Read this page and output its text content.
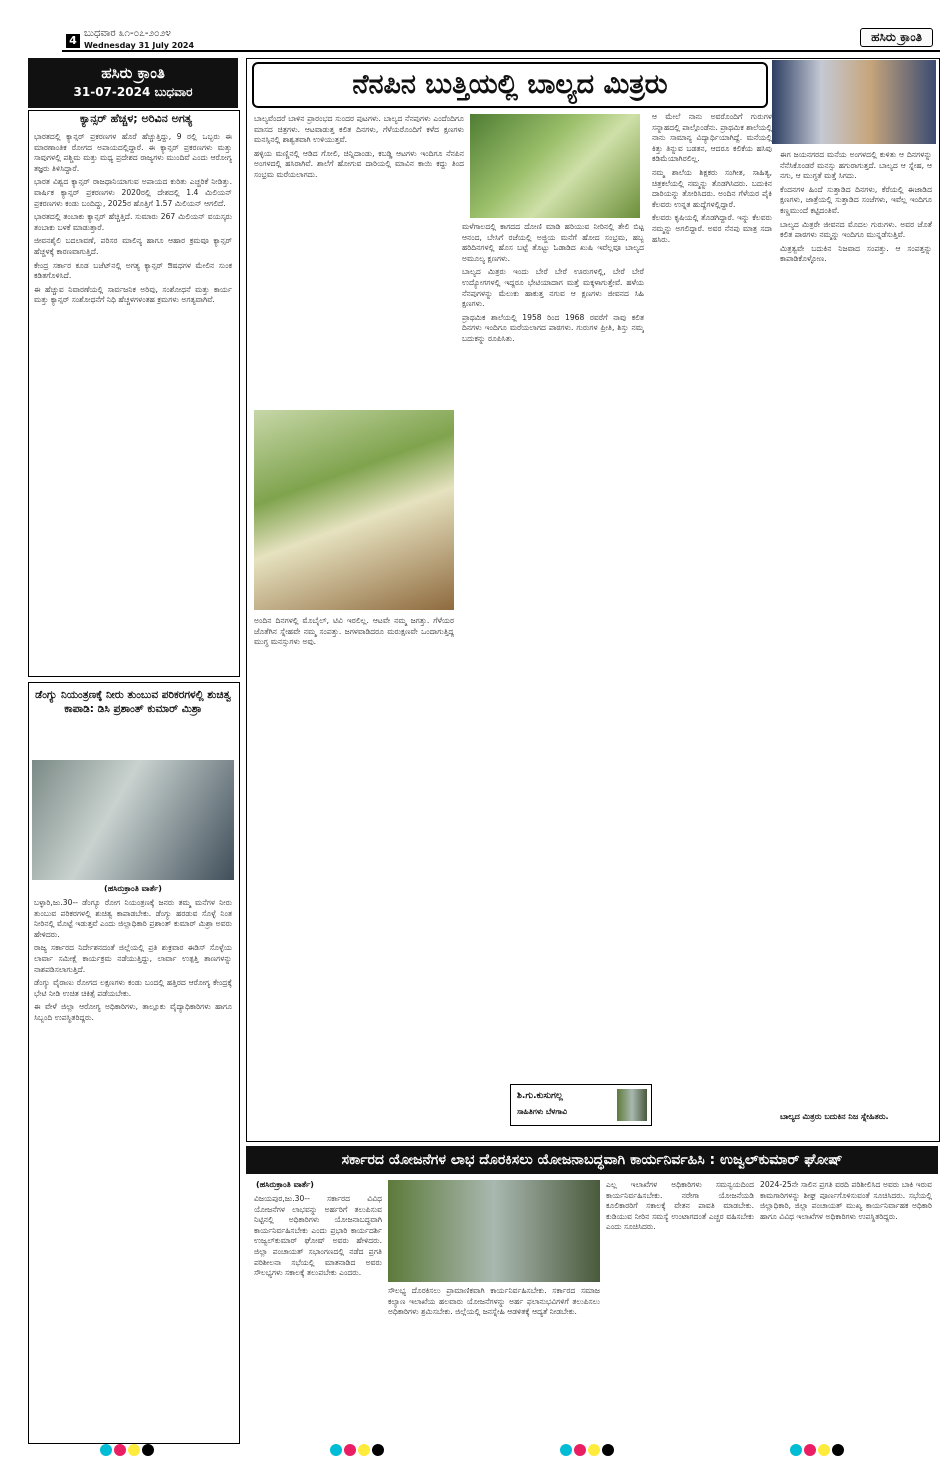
4
ಬುಧವಾರ ೩೧-೦೭-೨೦೨೪
Wednesday 31 July 2024
ಹಸಿರು ಕ್ರಾಂತಿ
ಹಸಿರು ಕ್ರಾಂತಿ
31-07-2024 ಬುಧವಾರ
ಕ್ಯಾನ್ಸರ್ ಹೆಚ್ಚಳ; ಅರಿವಿನ ಅಗತ್ಯ

ಭಾರತದಲ್ಲಿ ಕ್ಯಾನ್ಸರ್ ಪ್ರಕರಣಗಳ ಹೊರೆ ಹೆಚ್ಚುತ್ತಿದ್ದು, 9 ರಲ್ಲಿ ಒಬ್ಬರು ಈ ಮಾರಣಾಂತಿಕ ರೋಗದ ಅಪಾಯದಲ್ಲಿದ್ದಾರೆ. ಈ ಕ್ಯಾನ್ಸರ್ ಪ್ರಕರಣಗಳು ಮತ್ತು ಸಾವುಗಳಲ್ಲಿ ಪಶ್ಚಿಮ ಮತ್ತು ಮಧ್ಯ ಪ್ರದೇಶದ ರಾಜ್ಯಗಳು ಮುಂದಿವೆ ಎಂದು ಆರೋಗ್ಯ ತಜ್ಞರು ತಿಳಿಸಿದ್ದಾರೆ.

ಭಾರತ ವಿಶ್ವದ ಕ್ಯಾನ್ಸರ್ ರಾಜಧಾನಿಯಾಗುವ ಅಪಾಯದ ಕುರಿತು ಎಚ್ಚರಿಕೆ ನೀಡಿತ್ತು. ವಾರ್ಷಿಕ ಕ್ಯಾನ್ಸರ್ ಪ್ರಕರಣಗಳು 2020ರಲ್ಲಿ ದೇಶದಲ್ಲಿ 1.4 ಮಿಲಿಯನ್ ಪ್ರಕರಣಗಳು ಕಂಡು ಬಂದಿದ್ದು, 2025ರ ಹೊತ್ತಿಗೆ 1.57 ಮಿಲಿಯನ್ ಆಗಲಿದೆ.

ಭಾರತದಲ್ಲಿ ತಂಬಾಕು ಕ್ಯಾನ್ಸರ್ ಹೆಚ್ಚಿತ್ತಿದೆ. ಸುಮಾರು 267 ಮಿಲಿಯನ್ ವಯಸ್ಕರು ತಂಬಾಕು ಬಳಕೆ ಮಾಡುತ್ತಾರೆ.

ಜೀವನಶೈಲಿ ಬದಲಾವಣೆ, ಪರಿಸರ ಮಾಲಿನ್ಯ ಹಾಗೂ ಆಹಾರ ಕ್ರಮವೂ ಕ್ಯಾನ್ಸರ್ ಹೆಚ್ಚಳಕ್ಕೆ ಕಾರಣವಾಗುತ್ತಿದೆ.

ಕೇಂದ್ರ ಸರ್ಕಾರ ಕೂಡ ಬಜೆಟ್‌ನಲ್ಲಿ ಅಗತ್ಯ ಕ್ಯಾನ್ಸರ್ ಔಷಧಗಳ ಮೇಲಿನ ಸುಂಕ ಕಡಿತಗೊಳಿಸಿದೆ.

ಈ ಹೆಚ್ಚುವ ನಿವಾರಣೆಯಲ್ಲಿ ಸಾರ್ವಜನಿಕ ಅರಿವು, ಸಂಶೋಧನೆ ಮತ್ತು ಕಾರ್ಯ ಮತ್ತು ಕ್ಯಾನ್ಸರ್ ಸಂಶೋಧನೆಗೆ ನಿಧಿ ಹೆಚ್ಚಳಗಳಂತಹ ಕ್ರಮಗಳು ಅಗತ್ಯವಾಗಿವೆ.

ಡೆಂಗ್ಯು ನಿಯಂತ್ರಣಕ್ಕೆ ನೀರು ತುಂಬುವ ಪರಿಕರಗಳಲ್ಲಿ ಶುಚಿತ್ವ ಕಾಪಾಡಿ: ಡಿಸಿ ಪ್ರಶಾಂತ್ ಕುಮಾರ್ ಮಿಶ್ರಾ
(ಹಸಿರುಕ್ರಾಂತಿ ವಾರ್ತೆ)

ಬಳ್ಳಾರಿ,ಜು.30-- ಡೆಂಗ್ಯೂ ರೋಗ ನಿಯಂತ್ರಣಕ್ಕೆ ಜನರು ತಮ್ಮ ಮನೆಗಳ ನೀರು ತುಂಬುವ ಪರಿಕರಗಳಲ್ಲಿ ಶುಚಿತ್ವ ಕಾಪಾಡಬೇಕು. ಡೆಂಗ್ಯು ಹರಡುವ ಸೊಳ್ಳೆ ನಿಂತ ನೀರಿನಲ್ಲಿ ಮೊಟ್ಟೆ ಇಡುತ್ತವೆ ಎಂದು ಜಿಲ್ಲಾಧಿಕಾರಿ ಪ್ರಶಾಂತ್ ಕುಮಾರ್ ಮಿಶ್ರಾ ಅವರು ಹೇಳಿದರು.

ರಾಜ್ಯ ಸರ್ಕಾರದ ನಿರ್ದೇಶನದಂತೆ ಜಿಲ್ಲೆಯಲ್ಲಿ ಪ್ರತಿ ಶುಕ್ರವಾರ ಈಡಿಸ್ ಸೊಳ್ಳೆಯ ಲಾರ್ವಾ ಸಮೀಕ್ಷೆ ಕಾರ್ಯಕ್ರಮ ನಡೆಯುತ್ತಿದ್ದು, ಲಾರ್ವಾ ಉತ್ಪತ್ತಿ ತಾಣಗಳನ್ನು ನಾಶಪಡಿಸಲಾಗುತ್ತಿದೆ.

ಡೆಂಗ್ಯು ವೈರಾಣು ರೋಗದ ಲಕ್ಷಣಗಳು ಕಂಡು ಬಂದಲ್ಲಿ ಹತ್ತಿರದ ಆರೋಗ್ಯ ಕೇಂದ್ರಕ್ಕೆ ಭೇಟಿ ನೀಡಿ ಉಚಿತ ಚಿಕಿತ್ಸೆ ಪಡೆಯಬೇಕು.

ಈ ವೇಳೆ ಜಿಲ್ಲಾ ಆರೋಗ್ಯ ಅಧಿಕಾರಿಗಳು, ತಾಲ್ಲೂಕು ವೈದ್ಯಾಧಿಕಾರಿಗಳು ಹಾಗೂ ಸಿಬ್ಬಂದಿ ಉಪಸ್ಥಿತರಿದ್ದರು.

ನೆನಪಿನ ಬುತ್ತಿಯಲ್ಲಿ ಬಾಲ್ಯದ ಮಿತ್ರರು

ಬಾಲ್ಯವೆಂದರೆ ಬಾಳಿನ ಪ್ರಾರಂಭದ ಸುಂದರ ಪುಟಗಳು. ಬಾಲ್ಯದ ನೆನಪುಗಳು ಎಂದೆಂದಿಗೂ ಮಾಸದ ಚಿತ್ರಗಳು. ಆಟವಾಡುತ್ತ ಕಲಿತ ದಿನಗಳು, ಗೆಳೆಯರೊಂದಿಗೆ ಕಳೆದ ಕ್ಷಣಗಳು ಮನಸ್ಸಿನಲ್ಲಿ ಶಾಶ್ವತವಾಗಿ ಉಳಿಯುತ್ತವೆ.

ಹಳ್ಳಿಯ ಮಣ್ಣಿನಲ್ಲಿ ಆಡಿದ ಗೋಲಿ, ಚಿನ್ನಿದಾಂಡು, ಕಬಡ್ಡಿ ಆಟಗಳು ಇಂದಿಗೂ ನೆನಪಿನ ಅಂಗಳದಲ್ಲಿ ಹಸಿರಾಗಿವೆ. ಶಾಲೆಗೆ ಹೋಗುವ ದಾರಿಯಲ್ಲಿ ಮಾವಿನ ಕಾಯಿ ಕದ್ದು ತಿಂದ ಸಂಭ್ರಮ ಮರೆಯಲಾಗದು.

ಅಂದಿನ ದಿನಗಳಲ್ಲಿ ಮೊಬೈಲ್, ಟಿವಿ ಇರಲಿಲ್ಲ. ಆಟವೇ ನಮ್ಮ ಜಗತ್ತು. ಗೆಳೆಯರ ಜೊತೆಗಿನ ಸ್ನೇಹವೇ ನಮ್ಮ ಸಂಪತ್ತು. ಜಗಳವಾಡಿದರೂ ಮರುಕ್ಷಣವೇ ಒಂದಾಗುತ್ತಿದ್ದ ಮುಗ್ಧ ಮನಸ್ಸುಗಳು ಅವು.

ಮಳೆಗಾಲದಲ್ಲಿ ಕಾಗದದ ದೋಣಿ ಮಾಡಿ ಹರಿಯುವ ನೀರಿನಲ್ಲಿ ತೇಲಿ ಬಿಟ್ಟ ಆನಂದ, ಬೇಸಿಗೆ ರಜೆಯಲ್ಲಿ ಅಜ್ಜಿಯ ಮನೆಗೆ ಹೋದ ಸಂಭ್ರಮ, ಹಬ್ಬ ಹರಿದಿನಗಳಲ್ಲಿ ಹೊಸ ಬಟ್ಟೆ ತೊಟ್ಟು ಓಡಾಡಿದ ಖುಷಿ ಇವೆಲ್ಲವೂ ಬಾಲ್ಯದ ಅಮೂಲ್ಯ ಕ್ಷಣಗಳು.

ಬಾಲ್ಯದ ಮಿತ್ರರು ಇಂದು ಬೇರೆ ಬೇರೆ ಊರುಗಳಲ್ಲಿ, ಬೇರೆ ಬೇರೆ ಉದ್ಯೋಗಗಳಲ್ಲಿ ಇದ್ದರೂ ಭೇಟಿಯಾದಾಗ ಮತ್ತೆ ಮಕ್ಕಳಾಗುತ್ತೇವೆ. ಹಳೆಯ ನೆನಪುಗಳನ್ನು ಮೆಲುಕು ಹಾಕುತ್ತ ನಗುವ ಆ ಕ್ಷಣಗಳು ಜೀವನದ ಸಿಹಿ ಕ್ಷಣಗಳು.

ಪ್ರಾಥಮಿಕ ಶಾಲೆಯಲ್ಲಿ 1958 ರಿಂದ 1968 ರವರೆಗೆ ನಾವು ಕಲಿತ ದಿನಗಳು ಇಂದಿಗೂ ಮರೆಯಲಾಗದ ಪಾಠಗಳು. ಗುರುಗಳ ಪ್ರೀತಿ, ಶಿಸ್ತು ನಮ್ಮ ಬದುಕನ್ನು ರೂಪಿಸಿತು.

ಶಿ.ಗು.ಕುಸುಗಲ್ಲ
ಸಾಹಿತಿಗಳು ಬೆಳಗಾವಿ

ಆ ಮೇಲೆ ನಾನು ಅವರೊಂದಿಗೆ ಗುರುಗಳ ಸನ್ನಾಹದಲ್ಲಿ ಪಾಲ್ಗೊಂಡೆನು. ಪ್ರಾಥಮಿಕ ಶಾಲೆಯಲ್ಲಿ ನಾನು ಸಾಮಾನ್ಯ ವಿದ್ಯಾರ್ಥಿಯಾಗಿದ್ದೆ. ಮನೆಯಲ್ಲಿ ಕಿತ್ತು ತಿನ್ನುವ ಬಡತನ, ಆದರೂ ಕಲಿಕೆಯ ಹಸಿವು ಕಡಿಮೆಯಾಗಿರಲಿಲ್ಲ.

ನಮ್ಮ ಶಾಲೆಯ ಶಿಕ್ಷಕರು ಸಂಗೀತ, ಸಾಹಿತ್ಯ, ಚಿತ್ರಕಲೆಯಲ್ಲಿ ನಮ್ಮನ್ನು ತೊಡಗಿಸಿದರು. ಬದುಕಿನ ದಾರಿಯನ್ನು ತೋರಿಸಿದರು. ಅಂದಿನ ಗೆಳೆಯರ ಪೈಕಿ ಕೆಲವರು ಉನ್ನತ ಹುದ್ದೆಗಳಲ್ಲಿದ್ದಾರೆ.

ಕೆಲವರು ಕೃಷಿಯಲ್ಲಿ ತೊಡಗಿದ್ದಾರೆ. ಇನ್ನು ಕೆಲವರು ನಮ್ಮನ್ನು ಅಗಲಿದ್ದಾರೆ. ಅವರ ನೆನಪು ಮಾತ್ರ ಸದಾ ಹಸಿರು.

ಈಗ ಜಯನಗರದ ಮನೆಯ ಅಂಗಳದಲ್ಲಿ ಕುಳಿತು ಆ ದಿನಗಳನ್ನು ನೆನೆಸಿಕೊಂಡರೆ ಮನಸ್ಸು ಹಗುರಾಗುತ್ತದೆ. ಬಾಲ್ಯದ ಆ ಸ್ನೇಹ, ಆ ನಗು, ಆ ಮುಗ್ಧತೆ ಮತ್ತೆ ಸಿಗದು.

ಕೆಂದನಗಳ ಹಿಂದೆ ಸುತ್ತಾಡಿದ ದಿನಗಳು, ಕೆರೆಯಲ್ಲಿ ಈಜಾಡಿದ ಕ್ಷಣಗಳು, ಜಾತ್ರೆಯಲ್ಲಿ ಸುತ್ತಾಡಿದ ಸಂಜೆಗಳು, ಇವೆಲ್ಲ ಇಂದಿಗೂ ಕಣ್ಣಮುಂದೆ ಕಟ್ಟಿದಂತಿವೆ.

ಬಾಲ್ಯದ ಮಿತ್ರರೇ ಜೀವನದ ಮೊದಲ ಗುರುಗಳು. ಅವರ ಜೊತೆ ಕಲಿತ ಪಾಠಗಳು ನಮ್ಮನ್ನು ಇಂದಿಗೂ ಮುನ್ನಡೆಸುತ್ತಿವೆ.

ಮಿತ್ರತ್ವವೇ ಬದುಕಿನ ನಿಜವಾದ ಸಂಪತ್ತು. ಆ ಸಂಪತ್ತನ್ನು ಕಾಪಾಡಿಕೊಳ್ಳೋಣ.

ಬಾಲ್ಯದ ಮಿತ್ರರು ಬದುಕಿನ ನಿಜ ಸ್ನೇಹಿತರು.
ಸರ್ಕಾರದ ಯೋಜನೆಗಳ ಲಾಭ ದೊರಕಿಸಲು ಯೋಜನಾಬದ್ಧವಾಗಿ ಕಾರ್ಯನಿರ್ವಹಿಸಿ : ಉಜ್ವಲ್‌ಕುಮಾರ್ ಘೋಷ್
(ಹಸಿರುಕ್ರಾಂತಿ ವಾರ್ತೆ)
ವಿಜಯಪುರ,ಜು.30-- ಸರ್ಕಾರದ ವಿವಿಧ ಯೋಜನೆಗಳ ಲಾಭವನ್ನು ಅರ್ಹರಿಗೆ ತಲುಪಿಸುವ ನಿಟ್ಟಿನಲ್ಲಿ ಅಧಿಕಾರಿಗಳು ಯೋಜನಾಬದ್ಧವಾಗಿ ಕಾರ್ಯನಿರ್ವಹಿಸಬೇಕು ಎಂದು ಪ್ರಭಾರಿ ಕಾರ್ಯದರ್ಶಿ ಉಜ್ವಲ್‌ಕುಮಾರ್ ಘೋಷ್ ಅವರು ಹೇಳಿದರು. ಜಿಲ್ಲಾ ಪಂಚಾಯತ್ ಸಭಾಂಗಣದಲ್ಲಿ ನಡೆದ ಪ್ರಗತಿ ಪರಿಶೀಲನಾ ಸಭೆಯಲ್ಲಿ ಮಾತನಾಡಿದ ಅವರು ಸೌಲಭ್ಯಗಳು ಸಕಾಲಕ್ಕೆ ತಲುಪಬೇಕು ಎಂದರು.
ಸೌಲಭ್ಯ ದೊರಕಿಸಲು ಪ್ರಾಮಾಣಿಕವಾಗಿ ಕಾರ್ಯನಿರ್ವಹಿಸಬೇಕು. ಸರ್ಕಾರದ ಸಮಾಜ ಕಲ್ಯಾಣ ಇಲಾಖೆಯ ಹಲವಾರು ಯೋಜನೆಗಳನ್ನು ಅರ್ಹ ಫಲಾನುಭವಿಗಳಿಗೆ ತಲುಪಿಸಲು ಅಧಿಕಾರಿಗಳು ಶ್ರಮಿಸಬೇಕು. ಜಿಲ್ಲೆಯಲ್ಲಿ ಜನಸ್ನೇಹಿ ಆಡಳಿತಕ್ಕೆ ಆದ್ಯತೆ ನೀಡಬೇಕು.
ಎಲ್ಲ ಇಲಾಖೆಗಳ ಅಧಿಕಾರಿಗಳು ಸಮನ್ವಯದಿಂದ ಕಾರ್ಯನಿರ್ವಹಿಸಬೇಕು. ನರೇಗಾ ಯೋಜನೆಯಡಿ ಕೂಲಿಕಾರರಿಗೆ ಸಕಾಲಕ್ಕೆ ವೇತನ ಪಾವತಿ ಮಾಡಬೇಕು. ಕುಡಿಯುವ ನೀರಿನ ಸಮಸ್ಯೆ ಉಂಟಾಗದಂತೆ ಎಚ್ಚರ ವಹಿಸಬೇಕು ಎಂದು ಸೂಚಿಸಿದರು.
2024-25ನೇ ಸಾಲಿನ ಪ್ರಗತಿ ವರದಿ ಪರಿಶೀಲಿಸಿದ ಅವರು ಬಾಕಿ ಇರುವ ಕಾಮಗಾರಿಗಳನ್ನು ಶೀಘ್ರ ಪೂರ್ಣಗೊಳಿಸುವಂತೆ ಸೂಚಿಸಿದರು. ಸಭೆಯಲ್ಲಿ ಜಿಲ್ಲಾಧಿಕಾರಿ, ಜಿಲ್ಲಾ ಪಂಚಾಯತ್ ಮುಖ್ಯ ಕಾರ್ಯನಿರ್ವಾಹಕ ಅಧಿಕಾರಿ ಹಾಗೂ ವಿವಿಧ ಇಲಾಖೆಗಳ ಅಧಿಕಾರಿಗಳು ಉಪಸ್ಥಿತರಿದ್ದರು.
